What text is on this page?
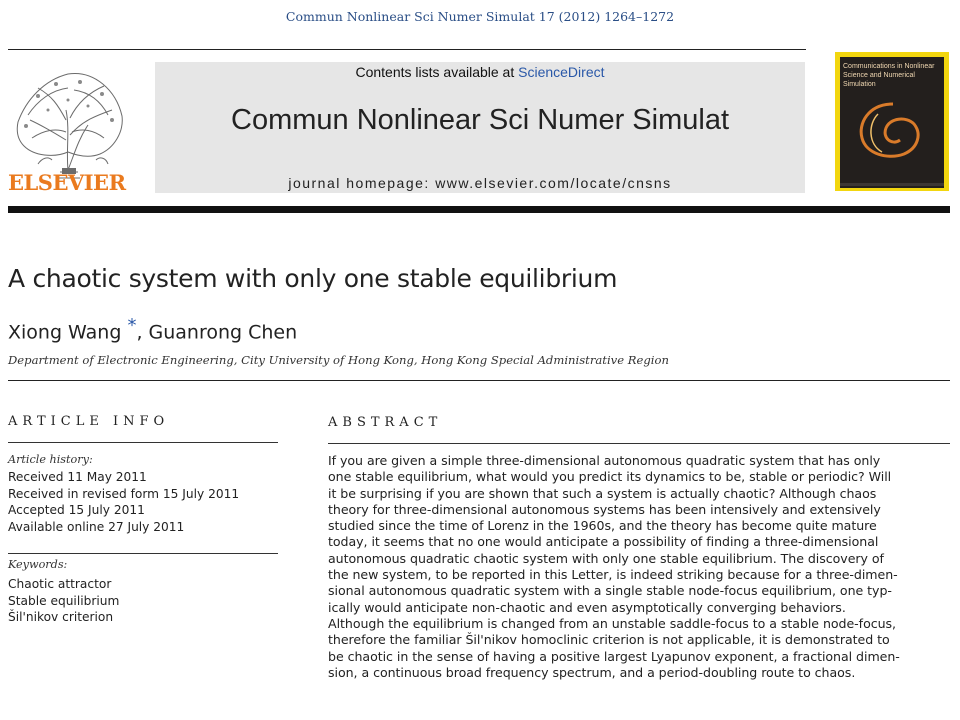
Commun Nonlinear Sci Numer Simulat 17 (2012) 1264–1272
ELSEVIER
Contents lists available at ScienceDirect
Commun Nonlinear Sci Numer Simulat
journal homepage: www.elsevier.com/locate/cnsns
Communications in Nonlinear Science and Numerical Simulation
A chaotic system with only one stable equilibrium
Xiong Wang *, Guanrong Chen
Department of Electronic Engineering, City University of Hong Kong, Hong Kong Special Administrative Region
ARTICLE INFO
Article history:
Received 11 May 2011
Received in revised form 15 July 2011
Accepted 15 July 2011
Available online 27 July 2011
Keywords:
Chaotic attractor
Stable equilibrium
Šil'nikov criterion
ABSTRACT
If you are given a simple three-dimensional autonomous quadratic system that has only
one stable equilibrium, what would you predict its dynamics to be, stable or periodic? Will
it be surprising if you are shown that such a system is actually chaotic? Although chaos
theory for three-dimensional autonomous systems has been intensively and extensively
studied since the time of Lorenz in the 1960s, and the theory has become quite mature
today, it seems that no one would anticipate a possibility of finding a three-dimensional
autonomous quadratic chaotic system with only one stable equilibrium. The discovery of
the new system, to be reported in this Letter, is indeed striking because for a three-dimen-
sional autonomous quadratic system with a single stable node-focus equilibrium, one typ-
ically would anticipate non-chaotic and even asymptotically converging behaviors.
Although the equilibrium is changed from an unstable saddle-focus to a stable node-focus,
therefore the familiar Šil'nikov homoclinic criterion is not applicable, it is demonstrated to
be chaotic in the sense of having a positive largest Lyapunov exponent, a fractional dimen-
sion, a continuous broad frequency spectrum, and a period-doubling route to chaos.
